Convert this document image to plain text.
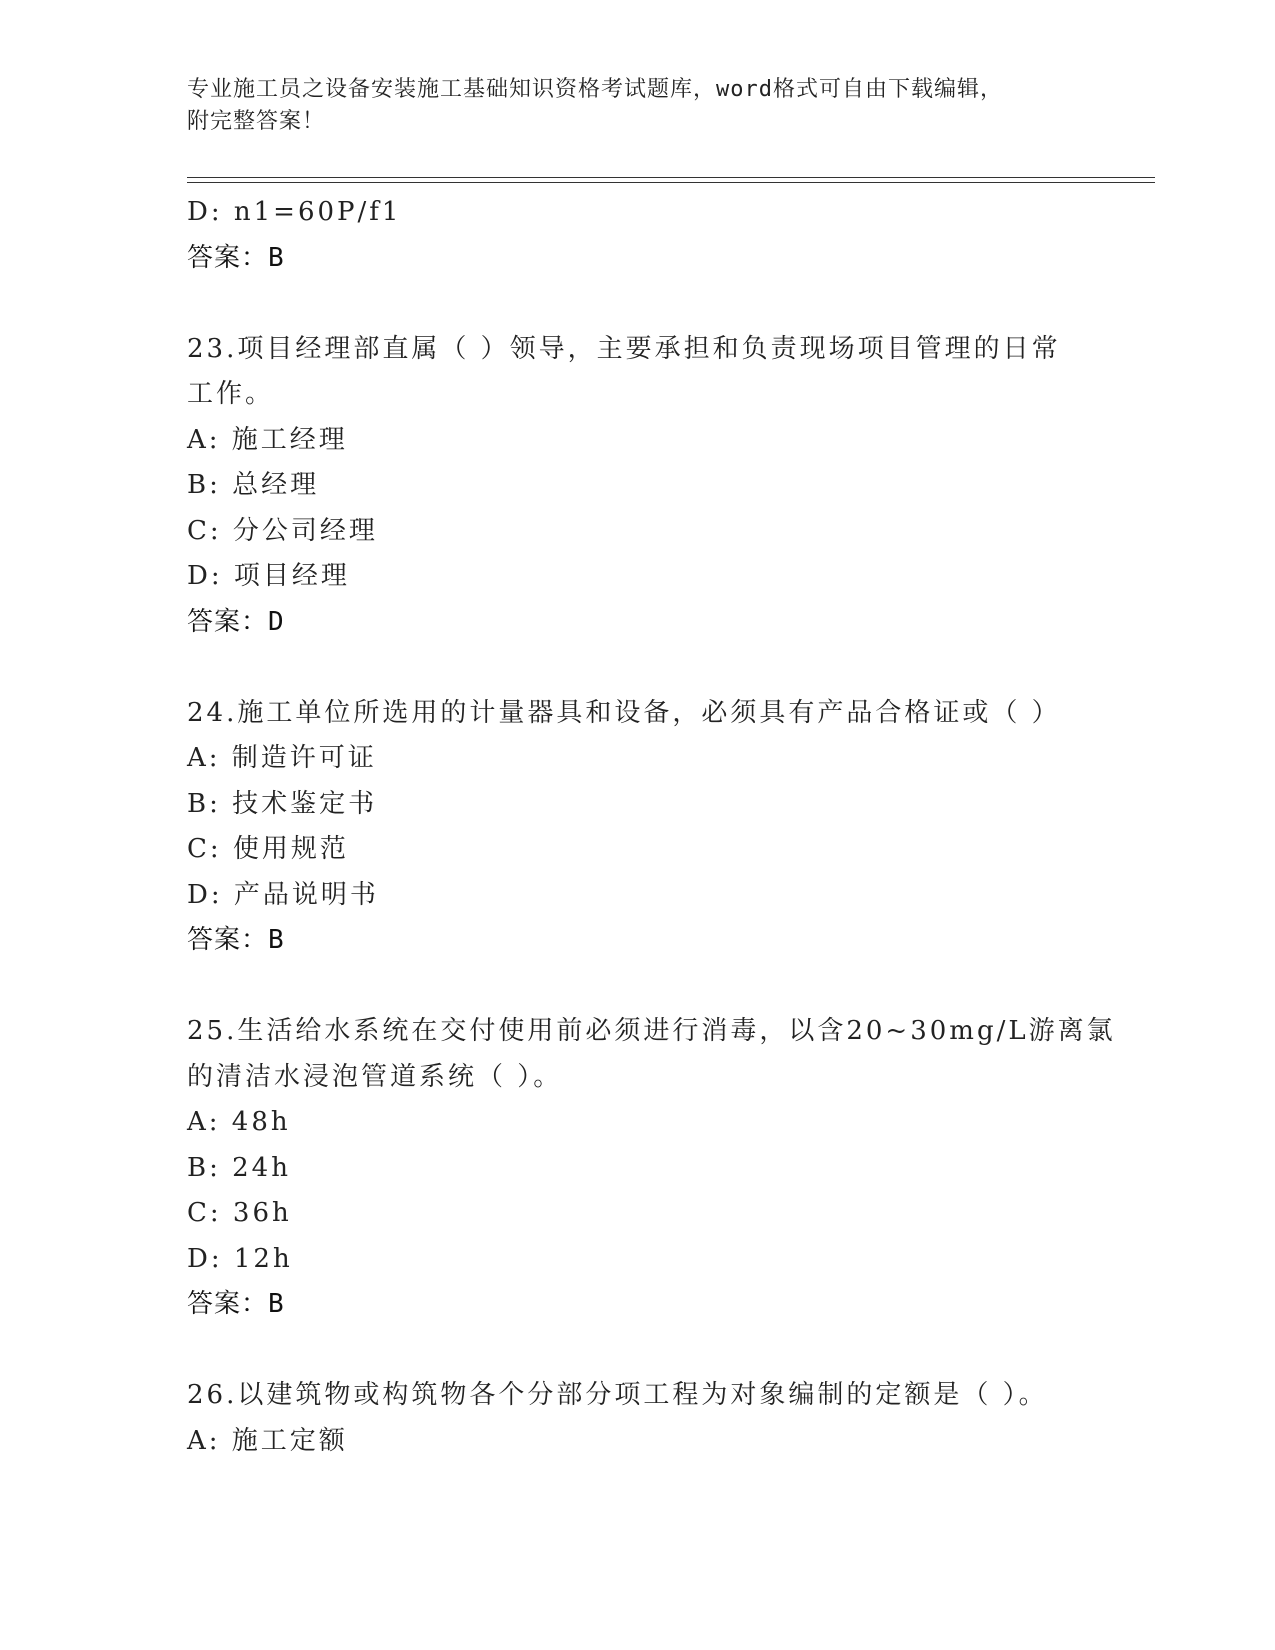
专业施工员之设备安装施工基础知识资格考试题库，word格式可自由下载编辑，
附完整答案！
D: n1=60P/f1
答案：B
23.项目经理部直属（ ）领导，主要承担和负责现场项目管理的日常
工作。
A: 施工经理
B: 总经理
C: 分公司经理
D: 项目经理
答案：D
24.施工单位所选用的计量器具和设备，必须具有产品合格证或（ ）
A: 制造许可证
B: 技术鉴定书
C: 使用规范
D: 产品说明书
答案：B
25.生活给水系统在交付使用前必须进行消毒，以含20~30mg/L游离氯
的清洁水浸泡管道系统（ ）。
A: 48h
B: 24h
C: 36h
D: 12h
答案：B
26.以建筑物或构筑物各个分部分项工程为对象编制的定额是（ ）。
A: 施工定额
